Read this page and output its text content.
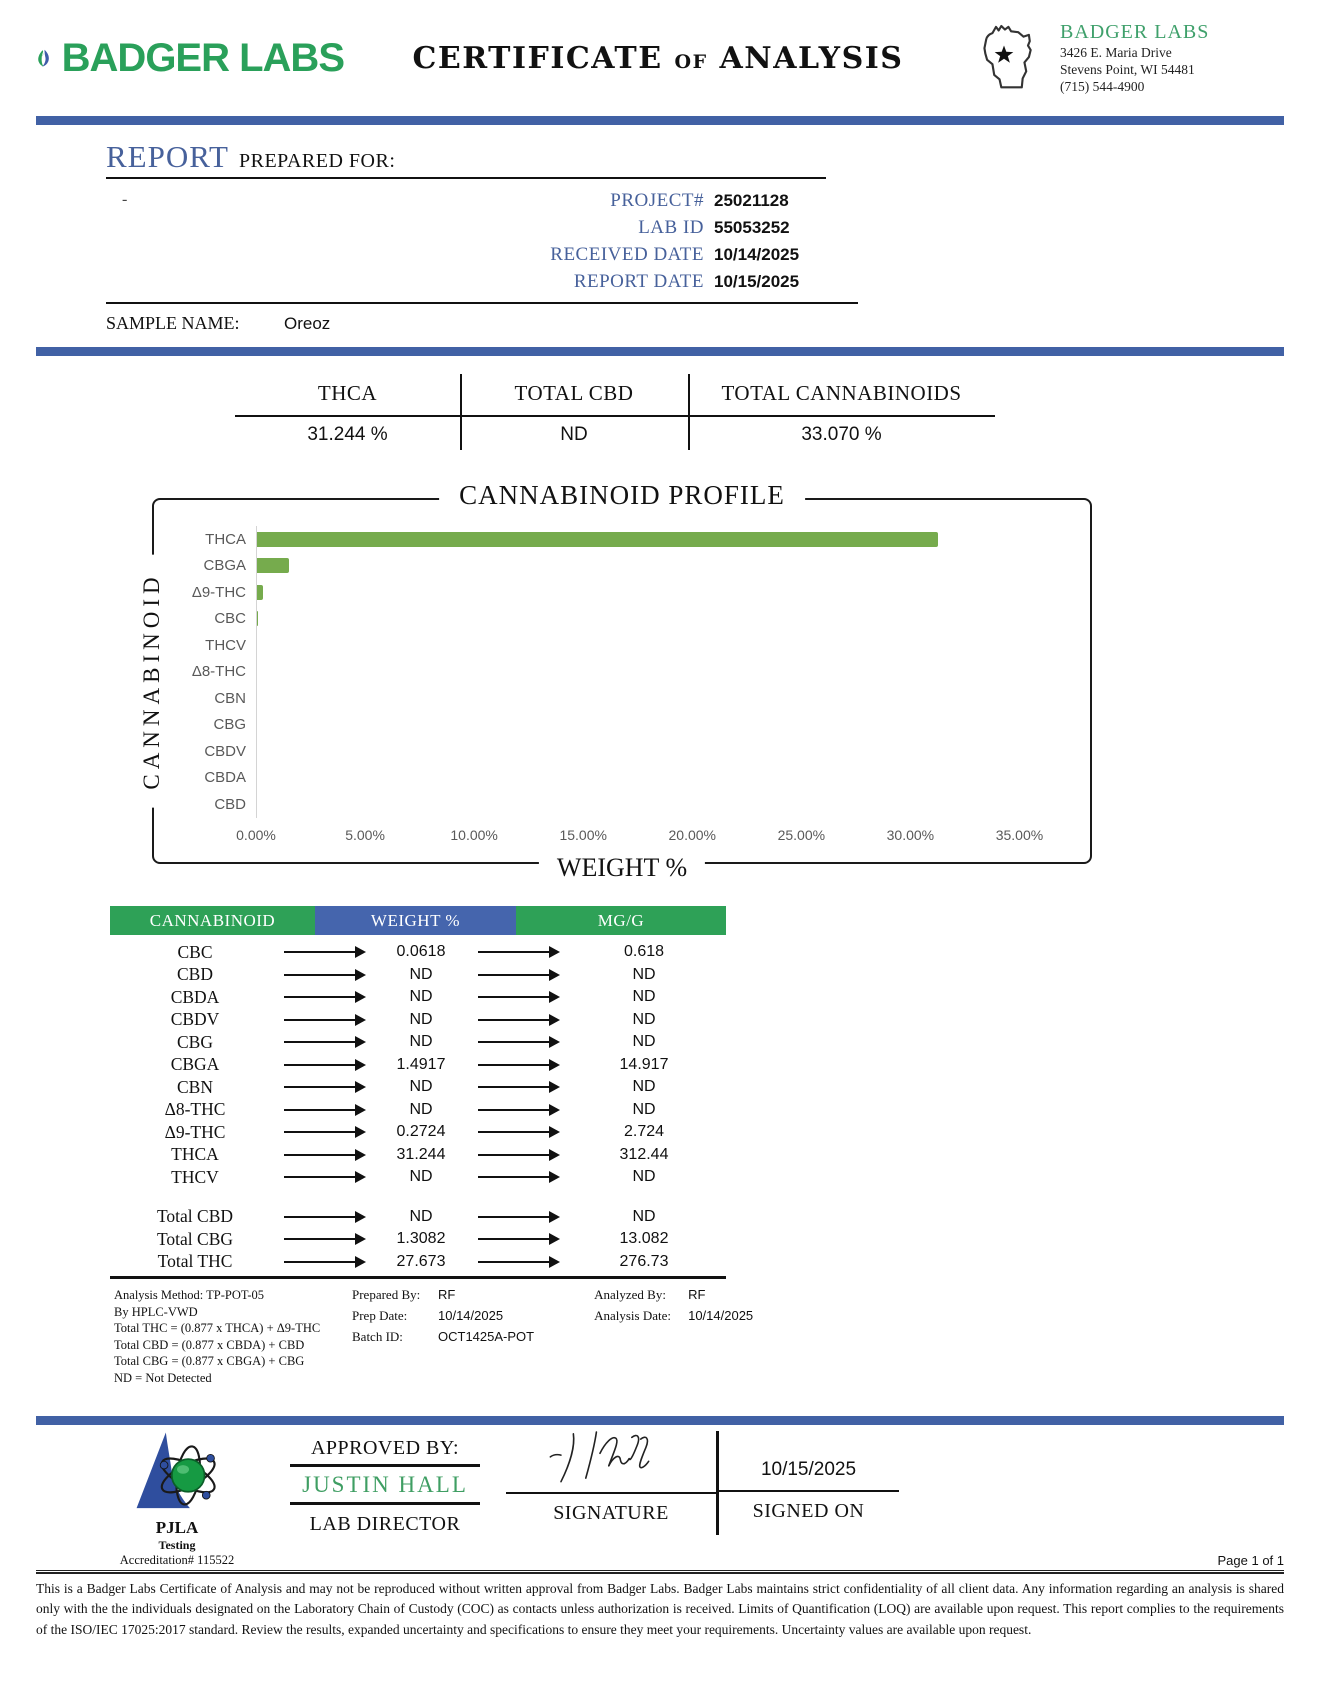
BADGER LABS	CERTIFICATE of ANALYSIS
BADGER LABS
3426 E. Maria Drive
Stevens Point, WI 54481
(715) 544-4900
REPORT PREPARED FOR:
-	PROJECT# 25021128
LAB ID 55053252
RECEIVED DATE 10/14/2025
REPORT DATE 10/15/2025
SAMPLE NAME:	Oreoz
THCA	TOTAL CBD	TOTAL CANNABINOIDS
31.244 %	ND	33.070 %
CANNABINOID PROFILE
CANNABINOID
THCA
CBGA
Δ9-THC
CBC
THCV
Δ8-THC
CBN
CBG
CBDV
CBDA
CBD
0.00%	5.00%	10.00%	15.00%	20.00%	25.00%	30.00%	35.00%
WEIGHT %
CANNABINOID	WEIGHT %	MG/G
CBC	0.0618	0.618
CBD	ND	ND
CBDA	ND	ND
CBDV	ND	ND
CBG	ND	ND
CBGA	1.4917	14.917
CBN	ND	ND
Δ8-THC	ND	ND
Δ9-THC	0.2724	2.724
THCA	31.244	312.44
THCV	ND	ND
Total CBD	ND	ND
Total CBG	1.3082	13.082
Total THC	27.673	276.73
Analysis Method: TP-POT-05
By HPLC-VWD
Total THC = (0.877 x THCA) + Δ9-THC
Total CBD = (0.877 x CBDA) + CBD
Total CBG = (0.877 x CBGA) + CBG
ND = Not Detected
Prepared By:	RF
Prep Date:	10/14/2025
Batch ID:	OCT1425A-POT
Analyzed By:	RF
Analysis Date:	10/14/2025
PJLA
Testing
Accreditation# 115522
APPROVED BY:
JUSTIN HALL
LAB DIRECTOR	SIGNATURE
10/15/2025
SIGNED ON
Page 1 of 1
This is a Badger Labs Certificate of Analysis and may not be reproduced without written approval from Badger Labs. Badger Labs maintains strict confidentiality of all client data. Any information regarding an analysis is shared only with the the individuals designated on the Laboratory Chain of Custody (COC) as contacts unless authorization is received. Limits of Quantification (LOQ) are available upon request. This report complies to the requirements of the ISO/IEC 17025:2017 standard. Review the results, expanded uncertainty and specifications to ensure they meet your requirements. Uncertainty values are available upon request.
